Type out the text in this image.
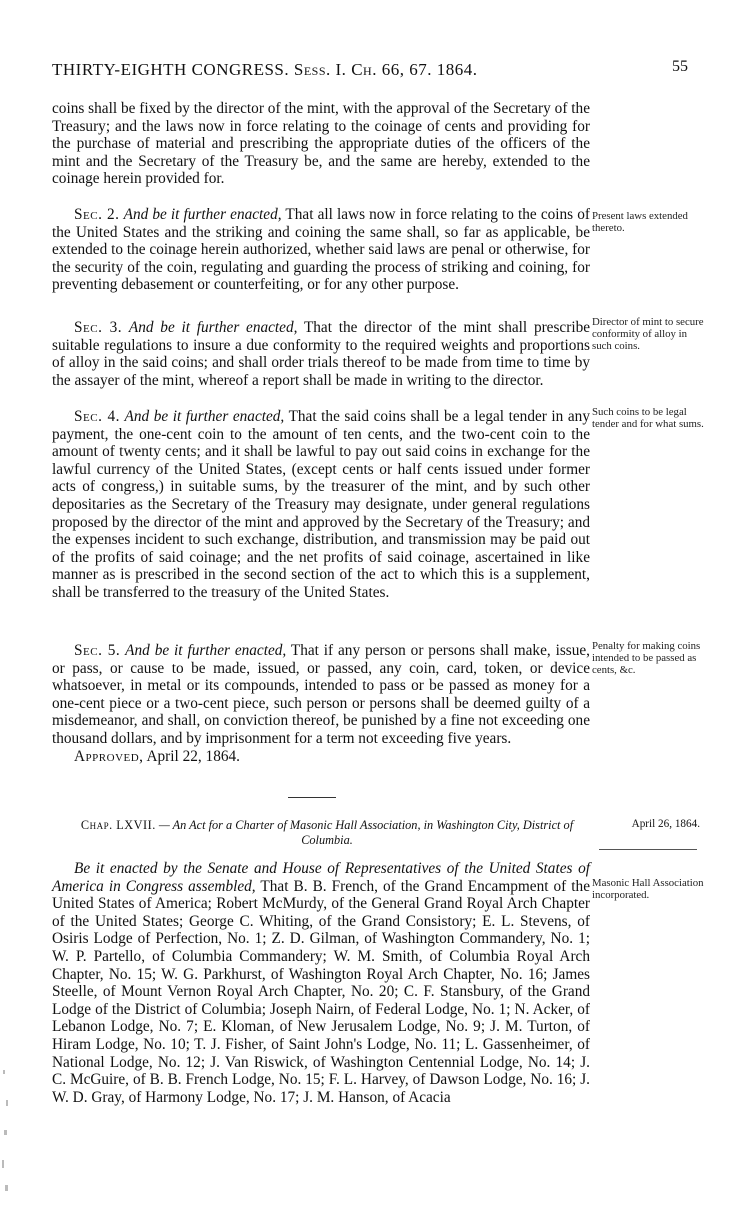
THIRTY-EIGHTH CONGRESS. Sess. I. Ch. 66, 67. 1864.	55

coins shall be fixed by the director of the mint, with the approval of the Secretary of the Treasury; and the laws now in force relating to the coinage of cents and providing for the purchase of material and prescribing the appropriate duties of the officers of the mint and the Secretary of the Treasury be, and the same are hereby, extended to the coinage herein provided for.

Sec. 2. And be it further enacted, That all laws now in force relating to the coins of the United States and the striking and coining the same shall, so far as applicable, be extended to the coinage herein authorized, whether said laws are penal or otherwise, for the security of the coin, regulating and guarding the process of striking and coining, for preventing debasement or counterfeiting, or for any other purpose.

Present laws extended thereto.

Sec. 3. And be it further enacted, That the director of the mint shall prescribe suitable regulations to insure a due conformity to the required weights and proportions of alloy in the said coins; and shall order trials thereof to be made from time to time by the assayer of the mint, whereof a report shall be made in writing to the director.

Director of mint to secure conformity of alloy in such coins.

Sec. 4. And be it further enacted, That the said coins shall be a legal tender in any payment, the one-cent coin to the amount of ten cents, and the two-cent coin to the amount of twenty cents; and it shall be lawful to pay out said coins in exchange for the lawful currency of the United States, (except cents or half cents issued under former acts of congress,) in suitable sums, by the treasurer of the mint, and by such other depositaries as the Secretary of the Treasury may designate, under general regulations proposed by the director of the mint and approved by the Secretary of the Treasury; and the expenses incident to such exchange, distribution, and transmission may be paid out of the profits of said coinage; and the net profits of said coinage, ascertained in like manner as is prescribed in the second section of the act to which this is a supplement, shall be transferred to the treasury of the United States.

Such coins to be legal tender and for what sums.

Sec. 5. And be it further enacted, That if any person or persons shall make, issue, or pass, or cause to be made, issued, or passed, any coin, card, token, or device whatsoever, in metal or its compounds, intended to pass or be passed as money for a one-cent piece or a two-cent piece, such person or persons shall be deemed guilty of a misdemeanor, and shall, on conviction thereof, be punished by a fine not exceeding one thousand dollars, and by imprisonment for a term not exceeding five years.

Approved, April 22, 1864.

Penalty for making coins intended to be passed as cents, &c.
Chap. LXVII. — An Act for a Charter of Masonic Hall Association, in Washington City, District of Columbia.
April 26, 1864.

Be it enacted by the Senate and House of Representatives of the United States of America in Congress assembled, That B. B. French, of the Grand Encampment of the United States of America; Robert McMurdy, of the General Grand Royal Arch Chapter of the United States; George C. Whiting, of the Grand Consistory; E. L. Stevens, of Osiris Lodge of Perfection, No. 1; Z. D. Gilman, of Washington Commandery, No. 1; W. P. Partello, of Columbia Commandery; W. M. Smith, of Columbia Royal Arch Chapter, No. 15; W. G. Parkhurst, of Washington Royal Arch Chapter, No. 16; James Steelle, of Mount Vernon Royal Arch Chapter, No. 20; C. F. Stansbury, of the Grand Lodge of the District of Columbia; Joseph Nairn, of Federal Lodge, No. 1; N. Acker, of Lebanon Lodge, No. 7; E. Kloman, of New Jerusalem Lodge, No. 9; J. M. Turton, of Hiram Lodge, No. 10; T. J. Fisher, of Saint John's Lodge, No. 11; L. Gassenheimer, of National Lodge, No. 12; J. Van Riswick, of Washington Centennial Lodge, No. 14; J. C. McGuire, of B. B. French Lodge, No. 15; F. L. Harvey, of Dawson Lodge, No. 16; J. W. D. Gray, of Harmony Lodge, No. 17; J. M. Hanson, of Acacia

Masonic Hall Association incorporated.
